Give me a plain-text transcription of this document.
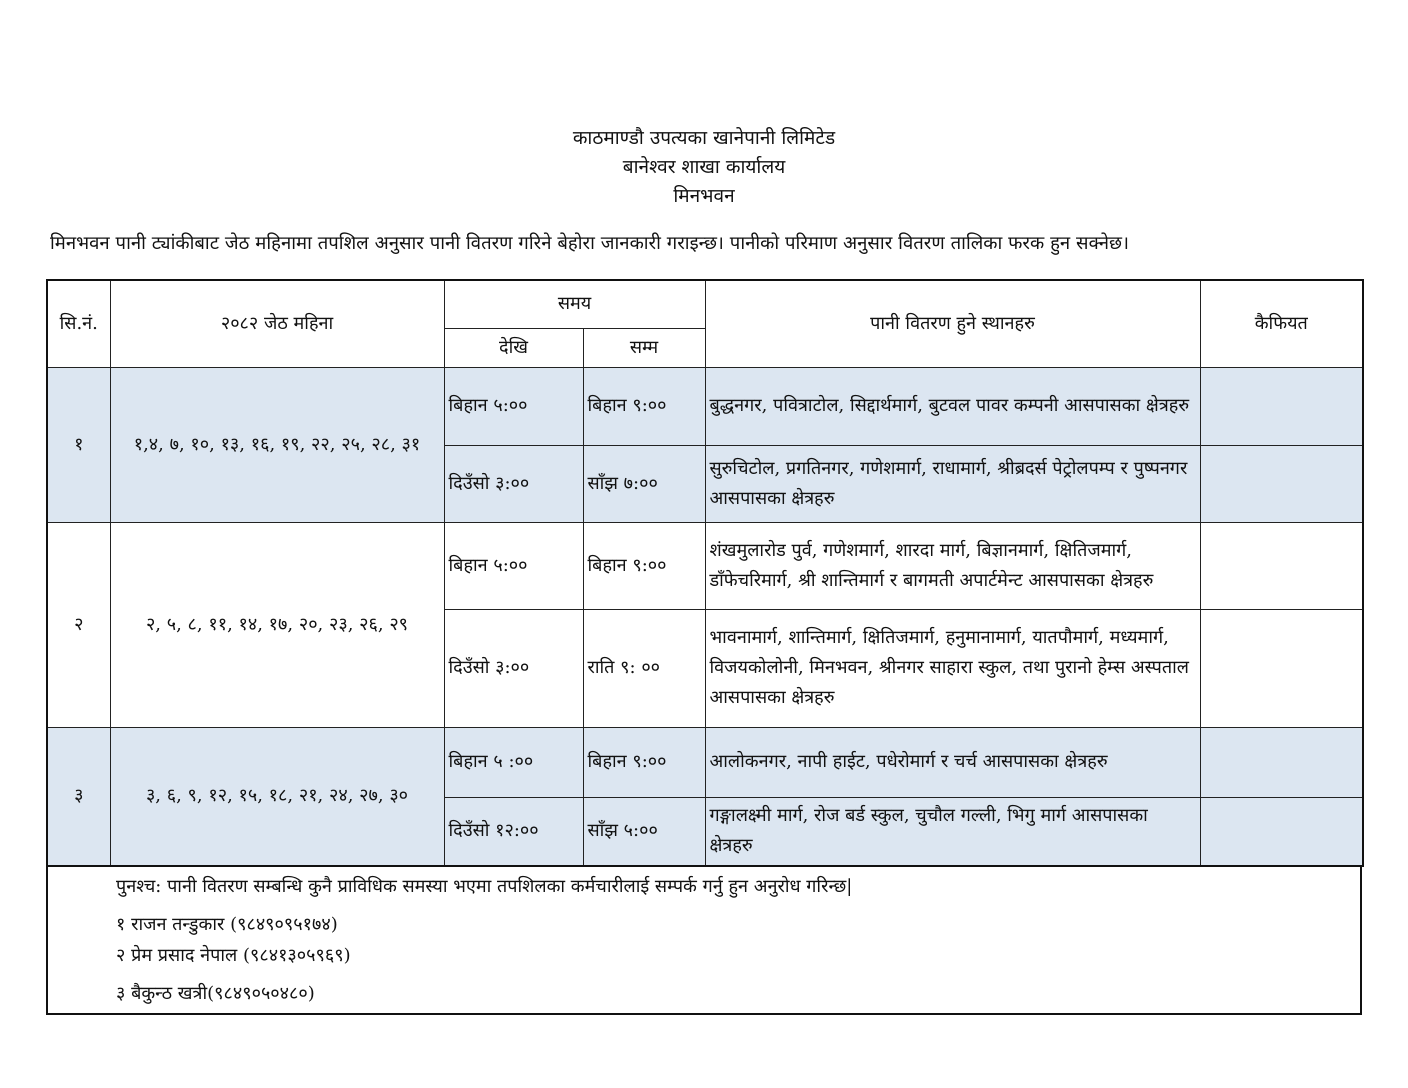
काठमाण्डौ उपत्यका खानेपानी लिमिटेड
बानेश्वर शाखा कार्यालय
मिनभवन
मिनभवन पानी ट्यांकीबाट जेठ महिनामा तपशिल अनुसार पानी वितरण गरिने बेहोरा जानकारी गराइन्छ। पानीको परिमाण अनुसार वितरण तालिका फरक हुन सक्नेछ।
सि.नं.	२०८२ जेठ महिना	समय		पानी वितरण हुने स्थानहरु	कैफियत
		देखि	सम्म		
१	१,४, ७, १०, १३, १६, १९, २२, २५, २८, ३१	बिहान ५:००	बिहान ९:००	बुद्धनगर, पवित्राटोल, सिद्दार्थमार्ग, बुटवल पावर कम्पनी आसपासका क्षेत्रहरु	
		दिउँसो ३:००	साँझ ७:००	सुरुचिटोल, प्रगतिनगर, गणेशमार्ग, राधामार्ग, श्रीब्रदर्स पेट्रोलपम्प र पुष्पनगर आसपासका क्षेत्रहरु	
२	२, ५, ८, ११, १४, १७, २०, २३, २६, २९	बिहान ५:००	बिहान ९:००	शंखमुलारोड पुर्व, गणेशमार्ग, शारदा मार्ग, बिज्ञानमार्ग, क्षितिजमार्ग, डाँफेचरिमार्ग, श्री शान्तिमार्ग र बागमती अपार्टमेन्ट आसपासका क्षेत्रहरु	
		दिउँसो ३:००	राति ९: ००	भावनामार्ग, शान्तिमार्ग, क्षितिजमार्ग, हनुमानामार्ग, यातपौमार्ग, मध्यमार्ग, विजयकोलोनी, मिनभवन, श्रीनगर साहारा स्कुल, तथा पुरानो हेम्स अस्पताल आसपासका क्षेत्रहरु	
३	३, ६, ९, १२, १५, १८, २१, २४, २७, ३०	बिहान ५ :००	बिहान ९:००	आलोकनगर, नापी हाईट, पधेरोमार्ग र चर्च आसपासका क्षेत्रहरु	
		दिउँसो १२:००	साँझ ५:००	गङ्गालक्ष्मी मार्ग, रोज बर्ड स्कुल, चुचौल गल्ली, भिगु मार्ग आसपासका क्षेत्रहरु	
पुनश्च: पानी वितरण सम्बन्धि कुनै प्राविधिक समस्या भएमा तपशिलका कर्मचारीलाई सम्पर्क गर्नु हुन अनुरोध गरिन्छ|
१ राजन तन्डुकार (९८४९०९५१७४)
२ प्रेम प्रसाद नेपाल (९८४१३०५९६९)
३ बैकुन्ठ खत्री(९८४९०५०४८०)
